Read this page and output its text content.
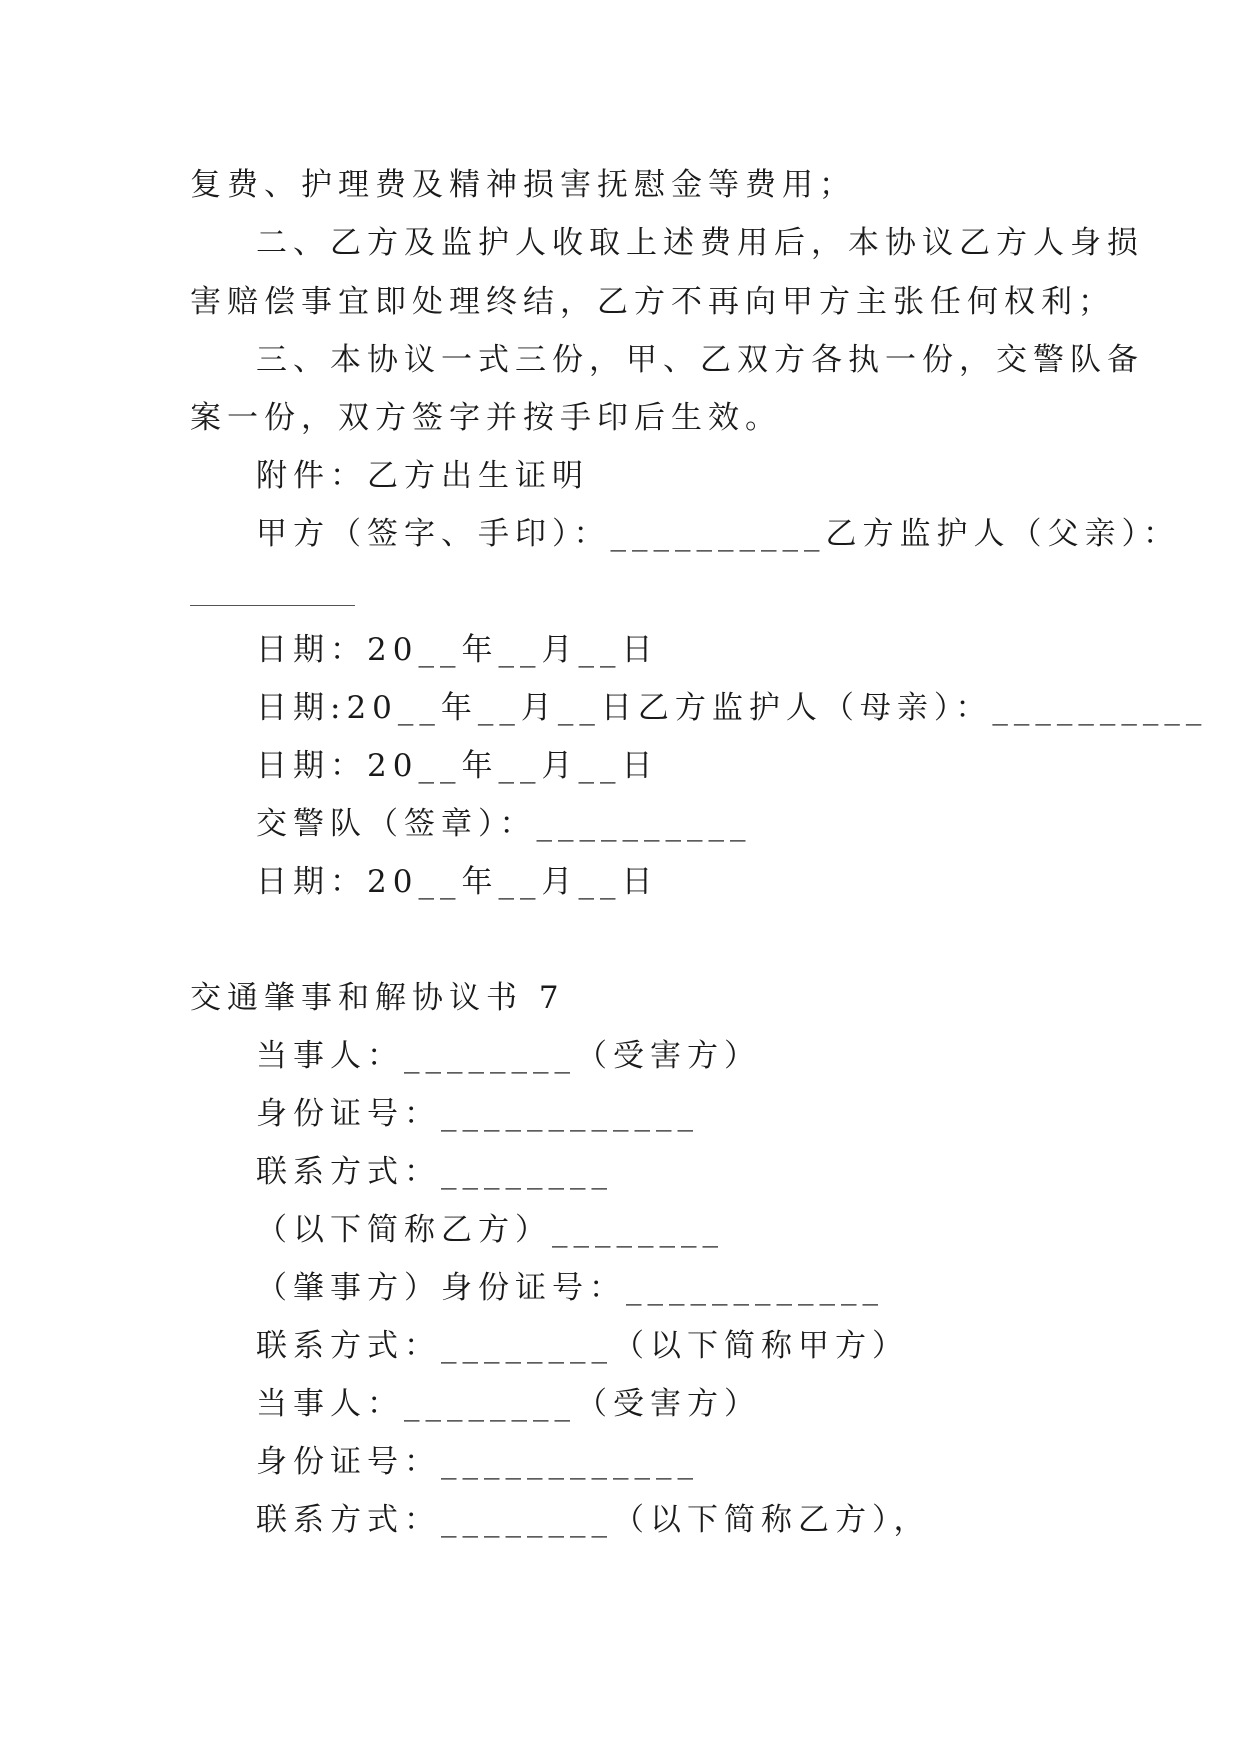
复费、护理费及精神损害抚慰金等费用；
二、乙方及监护人收取上述费用后，本协议乙方人身损
害赔偿事宜即处理终结，乙方不再向甲方主张任何权利；
三、本协议一式三份，甲、乙双方各执一份，交警队备
案一份，双方签字并按手印后生效。
附件：乙方出生证明
甲方（签字、手印）：__________乙方监护人（父亲）：
日期：20__年__月__日
日期:20__年__月__日乙方监护人（母亲）：__________
日期：20__年__月__日
交警队（签章）：__________
日期：20__年__月__日
交通肇事和解协议书 7
当事人：________（受害方）
身份证号：____________
联系方式：________
（以下简称乙方）________
（肇事方）身份证号：____________
联系方式：________（以下简称甲方）
当事人：________（受害方）
身份证号：____________
联系方式：________（以下简称乙方），
